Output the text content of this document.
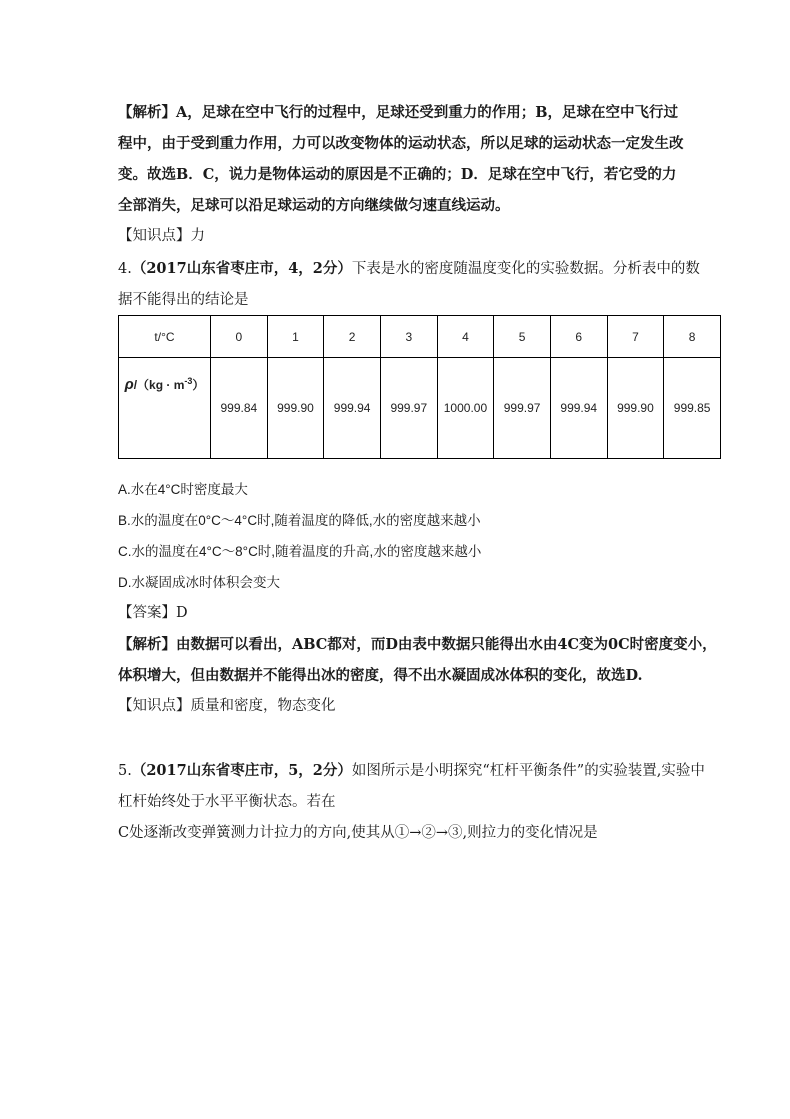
【解析】A，足球在空中飞行的过程中，足球还受到重力的作用；B，足球在空中飞行过
程中，由于受到重力作用，力可以改变物体的运动状态，所以足球的运动状态一定发生改
变。故选B．C，说力是物体运动的原因是不正确的；D．足球在空中飞行，若它受的力
全部消失，足球可以沿足球运动的方向继续做匀速直线运动。
【知识点】力
4.（2017山东省枣庄市，4，2分）下表是水的密度随温度变化的实验数据。分析表中的数
据不能得出的结论是
t/°C	0	1	2	3	4	5	6	7	8
$\rho/(kg \cdot m^{-3})$	999.84	999.90	999.94	999.97	1000.00	999.97	999.94	999.90	999.85
A.水在4°C时密度最大
B.水的温度在0°C～4°C时,随着温度的降低,水的密度越来越小
C.水的温度在4°C～8°C时,随着温度的升高,水的密度越来越小
D.水凝固成冰时体积会变大
【答案】D
【解析】由数据可以看出，ABC都对，而D由表中数据只能得出水由4C变为0C时密度变小，
体积增大，但由数据并不能得出冰的密度，得不出水凝固成冰体积的变化，故选D.
【知识点】质量和密度，物态变化
5.（2017山东省枣庄市，5，2分）如图所示是小明探究“杠杆平衡条件”的实验装置,实验中
杠杆始终处于水平平衡状态。若在
C处逐渐改变弹簧测力计拉力的方向,使其从①→②→③,则拉力的变化情况是
